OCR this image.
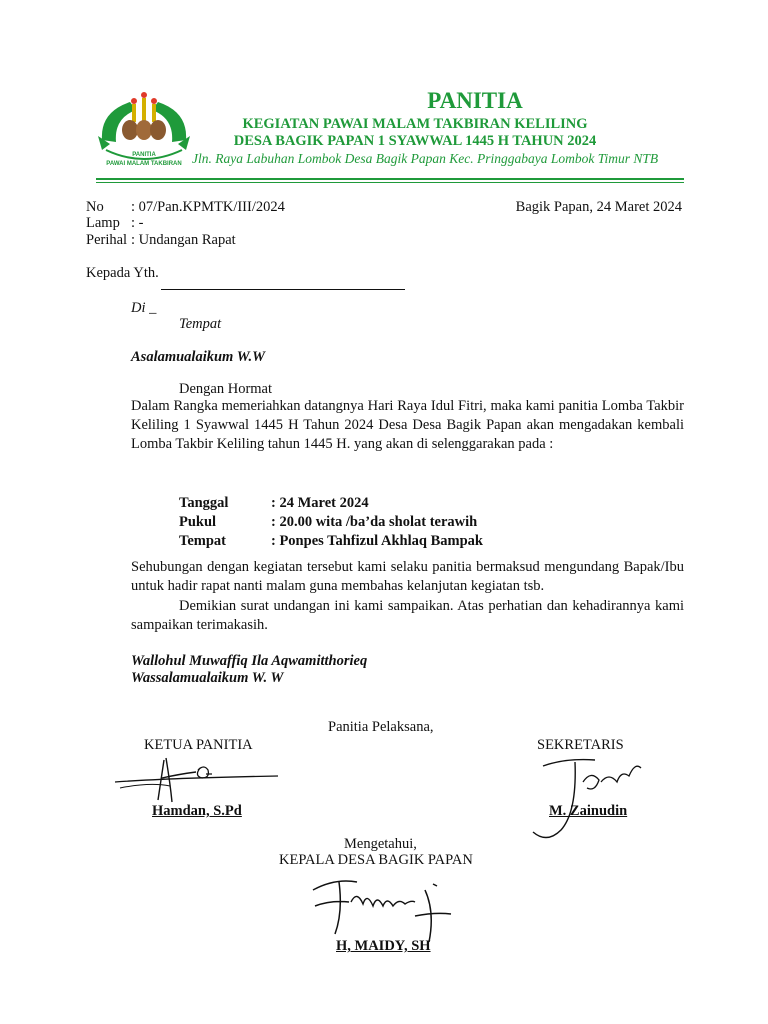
PANITIA
PAWAI MALAM TAKBIRAN
PANITIA
KEGIATAN PAWAI MALAM TAKBIRAN KELILING
DESA BAGIK PAPAN 1 SYAWWAL 1445 H TAHUN 2024
Jln. Raya Labuhan Lombok Desa Bagik Papan Kec. Pringgabaya Lombok Timur NTB
No : 07/Pan.KPMTK/III/2024
Lamp : -
Perihal : Undangan Rapat
Bagik Papan, 24 Maret 2024
Kepada Yth.
Di _
Tempat
Asalamualaikum W.W
Dengan Hormat
Dalam Rangka memeriahkan datangnya Hari Raya Idul Fitri, maka kami panitia Lomba Takbir Keliling 1 Syawwal 1445 H Tahun 2024 Desa Desa Bagik Papan akan mengadakan kembali Lomba Takbir Keliling tahun 1445 H. yang akan di selenggarakan pada :
Tanggal	: 24 Maret 2024
Pukul	: 20.00 wita /ba’da sholat terawih
Tempat	: Ponpes Tahfizul Akhlaq Bampak
Sehubungan dengan kegiatan tersebut kami selaku panitia bermaksud mengundang Bapak/Ibu untuk hadir rapat nanti malam guna membahas kelanjutan kegiatan tsb.
Demikian surat undangan ini kami sampaikan. Atas perhatian dan kehadirannya kami sampaikan terimakasih.
Wallohul Muwaffiq Ila Aqwamitthorieq
Wassalamualaikum W. W
Panitia Pelaksana,
KETUA PANITIA	SEKRETARIS
Hamdan, S.Pd	M. Zainudin
Mengetahui,
KEPALA DESA BAGIK PAPAN
H, MAIDY, SH
